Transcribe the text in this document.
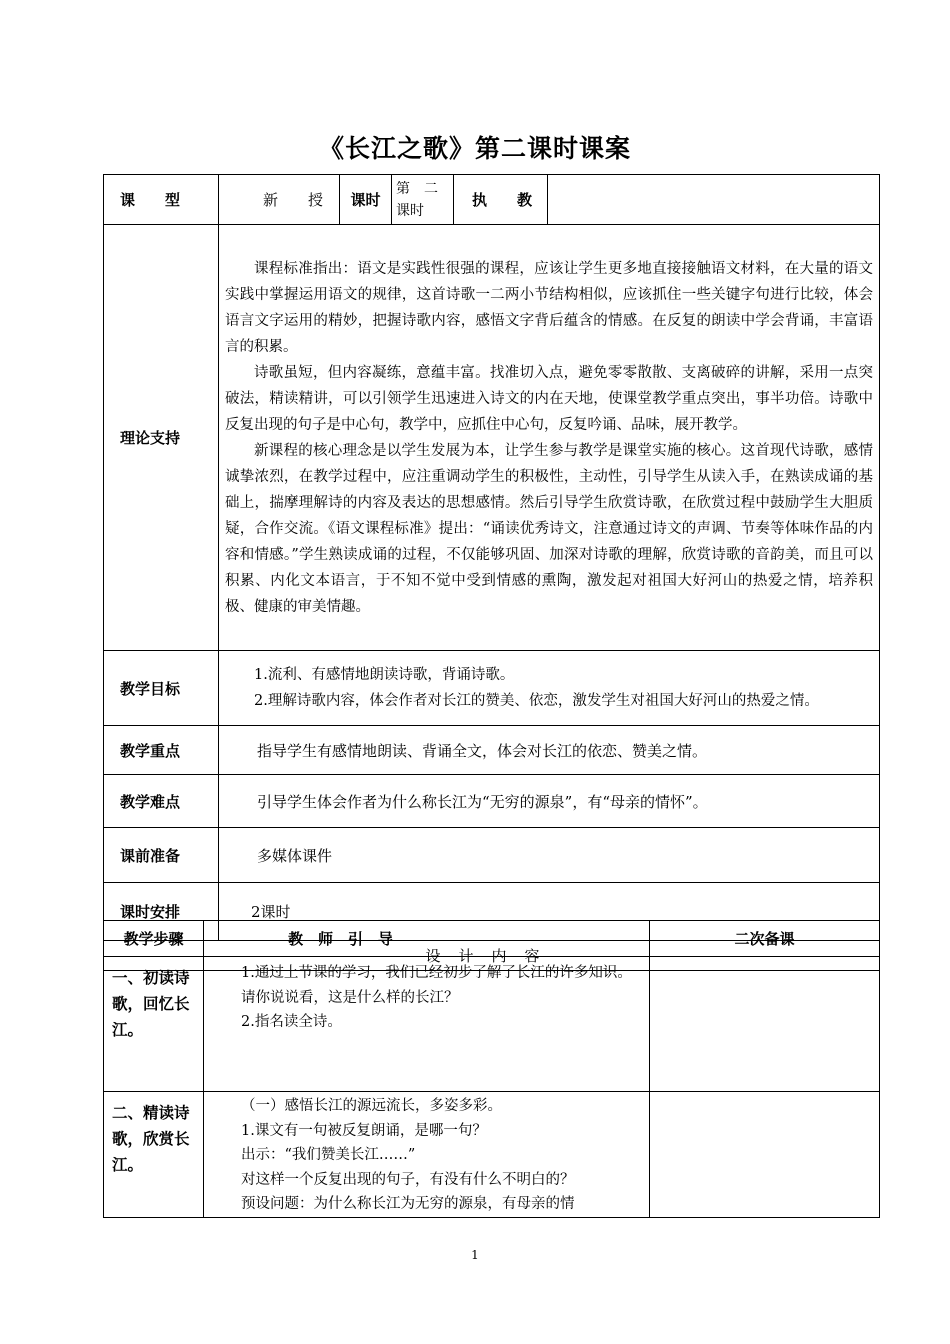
《长江之歌》第二课时课案
课　　型	新　　授	课时	第　二课时	执　　教	
理论支持	课程标准指出：语文是实践性很强的课程，应该让学生更多地直接接触语文材料，在大量的语文实践中掌握运用语文的规律，这首诗歌一二两小节结构相似，应该抓住一些关键字句进行比较，体会语言文字运用的精妙，把握诗歌内容，感悟文字背后蕴含的情感。在反复的朗读中学会背诵，丰富语言的积累。

诗歌虽短，但内容凝练，意蕴丰富。找准切入点，避免零零散散、支离破碎的讲解，采用一点突破法，精读精讲，可以引领学生迅速进入诗文的内在天地，使课堂教学重点突出，事半功倍。诗歌中反复出现的句子是中心句，教学中，应抓住中心句，反复吟诵、品味，展开教学。

新课程的核心理念是以学生发展为本，让学生参与教学是课堂实施的核心。这首现代诗歌，感情诚挚浓烈，在教学过程中，应注重调动学生的积极性，主动性，引导学生从读入手，在熟读成诵的基础上，揣摩理解诗的内容及表达的思想感情。然后引导学生欣赏诗歌，在欣赏过程中鼓励学生大胆质疑，合作交流。《语文课程标准》提出：“诵读优秀诗文，注意通过诗文的声调、节奏等体味作品的内容和情感。”学生熟读成诵的过程，不仅能够巩固、加深对诗歌的理解，欣赏诗歌的音韵美，而且可以积累、内化文本语言，于不知不觉中受到情感的熏陶，激发起对祖国大好河山的热爱之情，培养积极、健康的审美情趣。				

教学目标	1.流利、有感情地朗读诗歌，背诵诗歌。

2.理解诗歌内容，体会作者对长江的赞美、依恋，激发学生对祖国大好河山的热爱之情。				

教学重点	指导学生有感情地朗读、背诵全文，体会对长江的依恋、赞美之情。				
教学难点	引导学生体会作者为什么称长江为“无穷的源泉”，有“母亲的情怀”。				
课前准备	多媒体课件				
课时安排	2课时				
设计内容					
教学步骤	教　师　引　导	二次备课
一、初读诗歌，回忆长江。	1.通过上节课的学习，我们已经初步了解了长江的许多知识。

请你说说看，这是什么样的长江？

2.指名读全诗。	

二、精读诗歌，欣赏长江。	（一）感悟长江的源远流长，多姿多彩。

1.课文有一句被反复朗诵，是哪一句？

出示：“我们赞美长江……”

对这样一个反复出现的句子，有没有什么不明白的？

预设问题：为什么称长江为无穷的源泉，有母亲的情	

1
